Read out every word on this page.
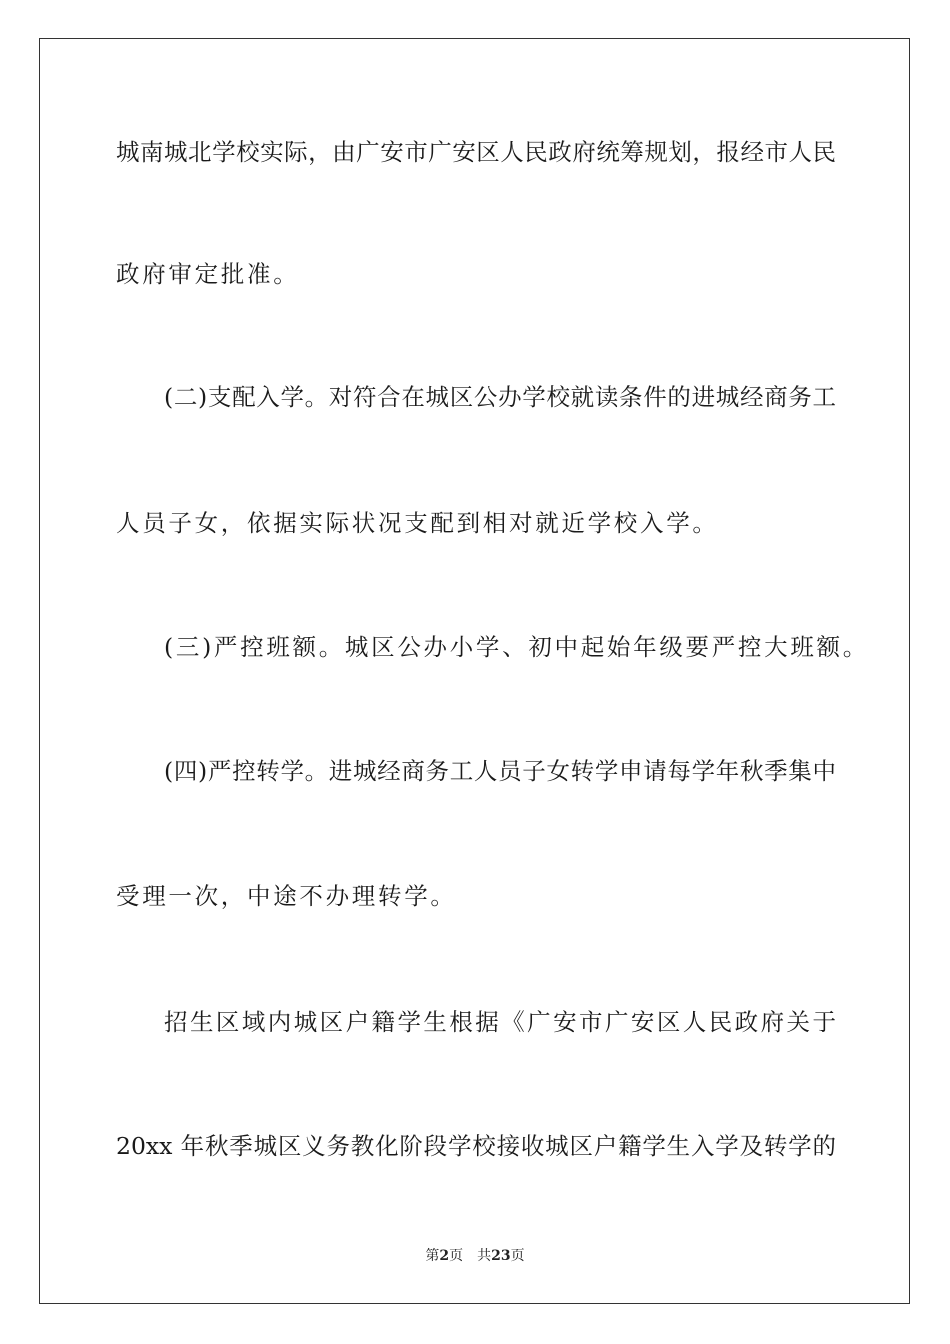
城南城北学校实际，由广安市广安区人民政府统筹规划，报经市人民
政府审定批准。
(二)支配入学。对符合在城区公办学校就读条件的进城经商务工
人员子女，依据实际状况支配到相对就近学校入学。
(三)严控班额。城区公办小学、初中起始年级要严控大班额。
(四)严控转学。进城经商务工人员子女转学申请每学年秋季集中
受理一次，中途不办理转学。
招生区域内城区户籍学生根据《广安市广安区人民政府关于
20xx 年秋季城区义务教化阶段学校接收城区户籍学生入学及转学的
第2页 共23页
